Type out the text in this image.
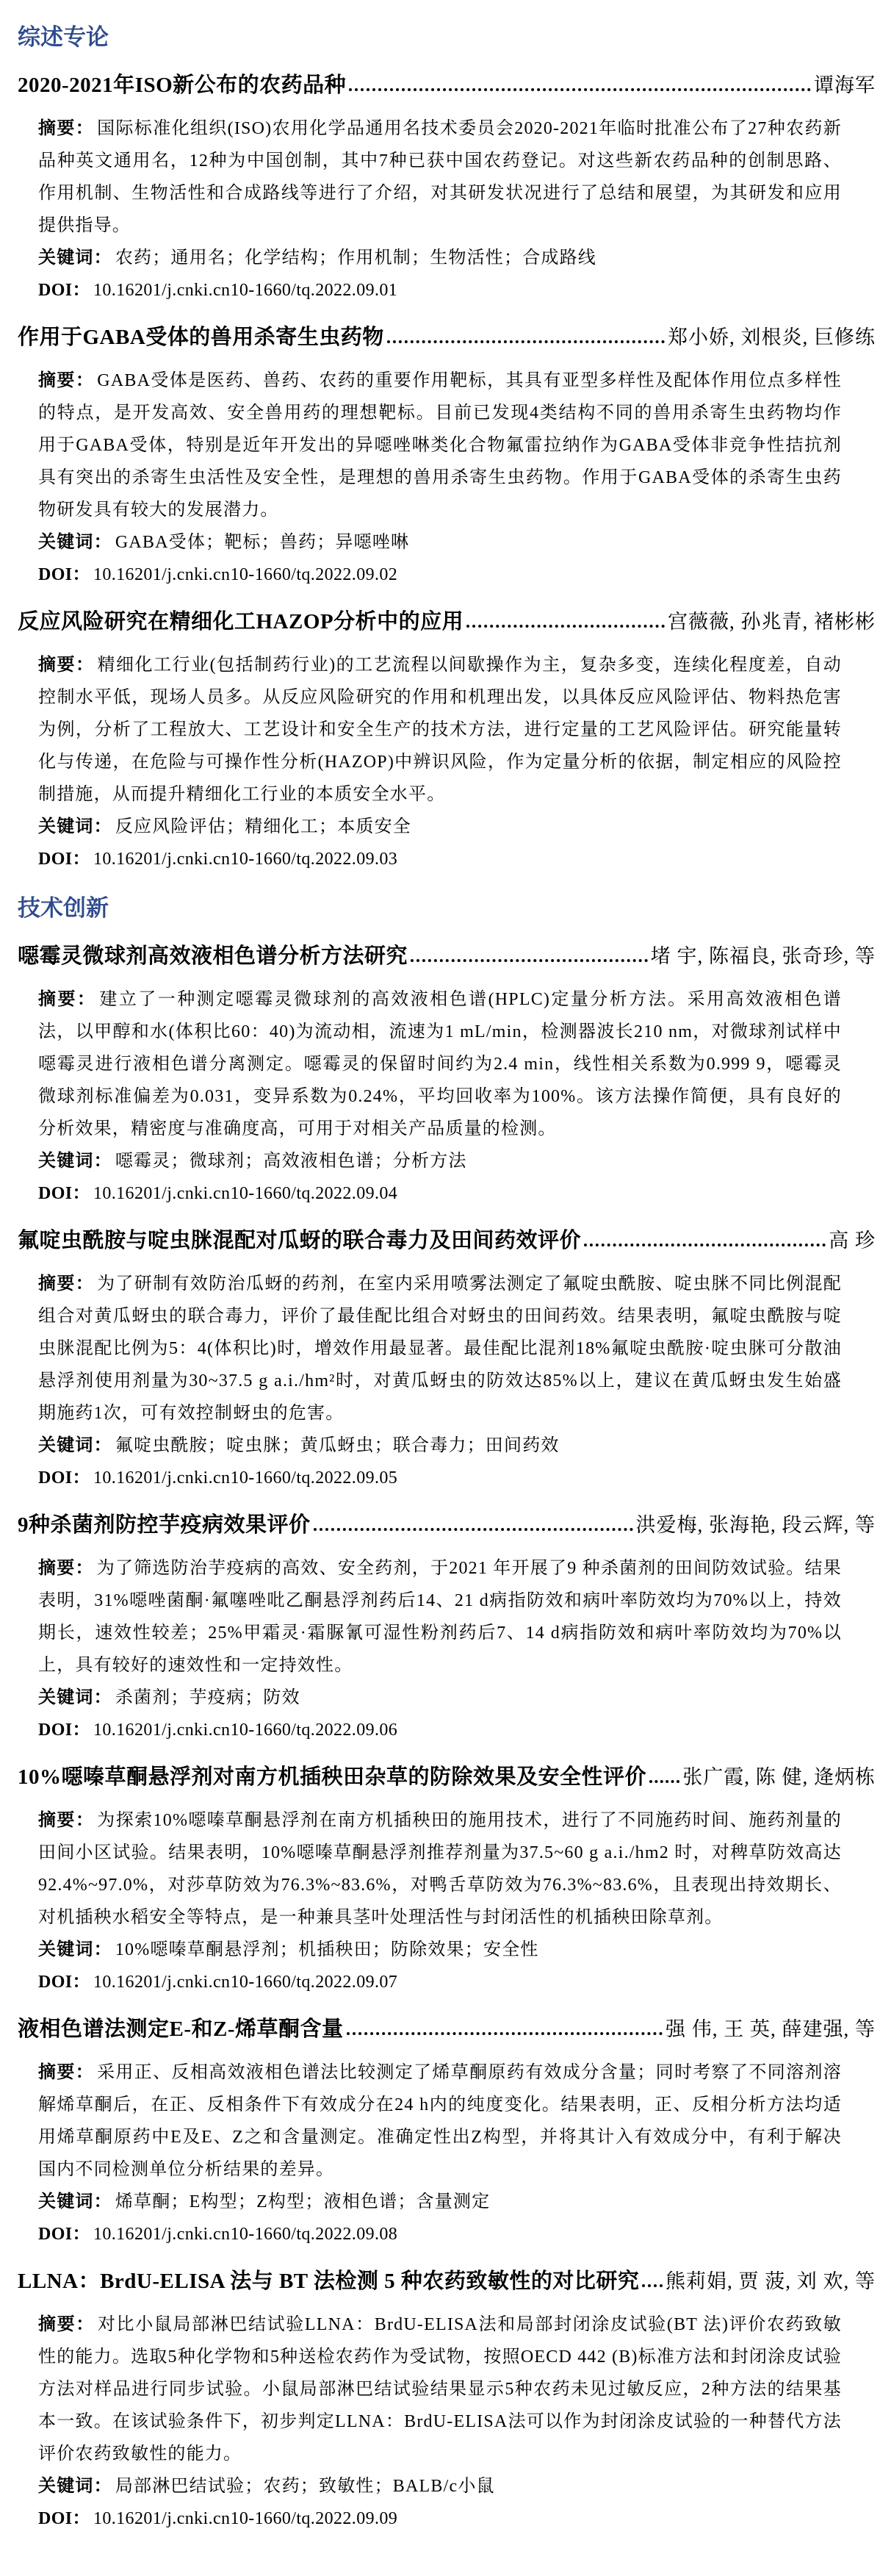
综述专论
2020-2021年ISO新公布的农药品种	谭海军

摘要： 国际标准化组织(ISO)农用化学品通用名技术委员会2020-2021年临时批准公布了27种农药新品种英文通用名，12种为中国创制，其中7种已获中国农药登记。对这些新农药品种的创制思路、作用机制、生物活性和合成路线等进行了介绍，对其研发状况进行了总结和展望，为其研发和应用提供指导。

关键词： 农药；通用名；化学结构；作用机制；生物活性；合成路线

DOI： 10.16201/j.cnki.cn10-1660/tq.2022.09.01

作用于GABA受体的兽用杀寄生虫药物	郑小娇, 刘根炎, 巨修练

摘要： GABA受体是医药、兽药、农药的重要作用靶标，其具有亚型多样性及配体作用位点多样性的特点，是开发高效、安全兽用药的理想靶标。目前已发现4类结构不同的兽用杀寄生虫药物均作用于GABA受体，特别是近年开发出的异噁唑啉类化合物氟雷拉纳作为GABA受体非竞争性拮抗剂具有突出的杀寄生虫活性及安全性，是理想的兽用杀寄生虫药物。作用于GABA受体的杀寄生虫药物研发具有较大的发展潜力。

关键词： GABA受体；靶标；兽药；异噁唑啉

DOI： 10.16201/j.cnki.cn10-1660/tq.2022.09.02

反应风险研究在精细化工HAZOP分析中的应用	宫薇薇, 孙兆青, 褚彬彬

摘要： 精细化工行业(包括制药行业)的工艺流程以间歇操作为主，复杂多变，连续化程度差，自动控制水平低，现场人员多。从反应风险研究的作用和机理出发，以具体反应风险评估、物料热危害为例，分析了工程放大、工艺设计和安全生产的技术方法，进行定量的工艺风险评估。研究能量转化与传递，在危险与可操作性分析(HAZOP)中辨识风险，作为定量分析的依据，制定相应的风险控制措施，从而提升精细化工行业的本质安全水平。

关键词： 反应风险评估；精细化工；本质安全

DOI： 10.16201/j.cnki.cn10-1660/tq.2022.09.03

技术创新
噁霉灵微球剂高效液相色谱分析方法研究	堵 宇, 陈福良, 张奇珍, 等

摘要： 建立了一种测定噁霉灵微球剂的高效液相色谱(HPLC)定量分析方法。采用高效液相色谱法，以甲醇和水(体积比60：40)为流动相，流速为1 mL/min，检测器波长210 nm，对微球剂试样中噁霉灵进行液相色谱分离测定。噁霉灵的保留时间约为2.4 min，线性相关系数为0.999 9，噁霉灵微球剂标准偏差为0.031，变异系数为0.24%，平均回收率为100%。该方法操作简便，具有良好的分析效果，精密度与准确度高，可用于对相关产品质量的检测。

关键词： 噁霉灵；微球剂；高效液相色谱；分析方法

DOI： 10.16201/j.cnki.cn10-1660/tq.2022.09.04

氟啶虫酰胺与啶虫脒混配对瓜蚜的联合毒力及田间药效评价	高 珍

摘要： 为了研制有效防治瓜蚜的药剂，在室内采用喷雾法测定了氟啶虫酰胺、啶虫脒不同比例混配组合对黄瓜蚜虫的联合毒力，评价了最佳配比组合对蚜虫的田间药效。结果表明，氟啶虫酰胺与啶虫脒混配比例为5：4(体积比)时，增效作用最显著。最佳配比混剂18%氟啶虫酰胺·啶虫脒可分散油悬浮剂使用剂量为30~37.5 g a.i./hm²时，对黄瓜蚜虫的防效达85%以上，建议在黄瓜蚜虫发生始盛期施药1次，可有效控制蚜虫的危害。

关键词： 氟啶虫酰胺；啶虫脒；黄瓜蚜虫；联合毒力；田间药效

DOI： 10.16201/j.cnki.cn10-1660/tq.2022.09.05

9种杀菌剂防控芋疫病效果评价	洪爱梅, 张海艳, 段云辉, 等

摘要： 为了筛选防治芋疫病的高效、安全药剂，于2021 年开展了9 种杀菌剂的田间防效试验。结果表明，31%噁唑菌酮·氟噻唑吡乙酮悬浮剂药后14、21 d病指防效和病叶率防效均为70%以上，持效期长，速效性较差；25%甲霜灵·霜脲氰可湿性粉剂药后7、14 d病指防效和病叶率防效均为70%以上，具有较好的速效性和一定持效性。

关键词： 杀菌剂；芋疫病；防效

DOI： 10.16201/j.cnki.cn10-1660/tq.2022.09.06

10%噁嗪草酮悬浮剂对南方机插秧田杂草的防除效果及安全性评价 张广霞, 陈 健, 逄炳栋

摘要： 为探索10%噁嗪草酮悬浮剂在南方机插秧田的施用技术，进行了不同施药时间、施药剂量的田间小区试验。结果表明，10%噁嗪草酮悬浮剂推荐剂量为37.5~60 g a.i./hm2 时，对稗草防效高达92.4%~97.0%，对莎草防效为76.3%~83.6%，对鸭舌草防效为76.3%~83.6%，且表现出持效期长、对机插秧水稻安全等特点，是一种兼具茎叶处理活性与封闭活性的机插秧田除草剂。

关键词： 10%噁嗪草酮悬浮剂；机插秧田；防除效果；安全性

DOI： 10.16201/j.cnki.cn10-1660/tq.2022.09.07

液相色谱法测定E-和Z-烯草酮含量	强 伟, 王 英, 薛建强, 等

摘要： 采用正、反相高效液相色谱法比较测定了烯草酮原药有效成分含量；同时考察了不同溶剂溶解烯草酮后，在正、反相条件下有效成分在24 h内的纯度变化。结果表明，正、反相分析方法均适用烯草酮原药中E及E、Z之和含量测定。准确定性出Z构型，并将其计入有效成分中，有利于解决国内不同检测单位分析结果的差异。

关键词： 烯草酮；E构型；Z构型；液相色谱；含量测定

DOI： 10.16201/j.cnki.cn10-1660/tq.2022.09.08

LLNA：BrdU-ELISA 法与 BT 法检测 5 种农药致敏性的对比研究 熊莉娟, 贾 菠, 刘 欢, 等

摘要： 对比小鼠局部淋巴结试验LLNA：BrdU-ELISA法和局部封闭涂皮试验(BT 法)评价农药致敏性的能力。选取5种化学物和5种送检农药作为受试物，按照OECD 442 (B)标准方法和封闭涂皮试验方法对样品进行同步试验。小鼠局部淋巴结试验结果显示5种农药未见过敏反应，2种方法的结果基本一致。在该试验条件下，初步判定LLNA：BrdU-ELISA法可以作为封闭涂皮试验的一种替代方法评价农药致敏性的能力。

关键词： 局部淋巴结试验；农药；致敏性；BALB/c小鼠

DOI： 10.16201/j.cnki.cn10-1660/tq.2022.09.09
